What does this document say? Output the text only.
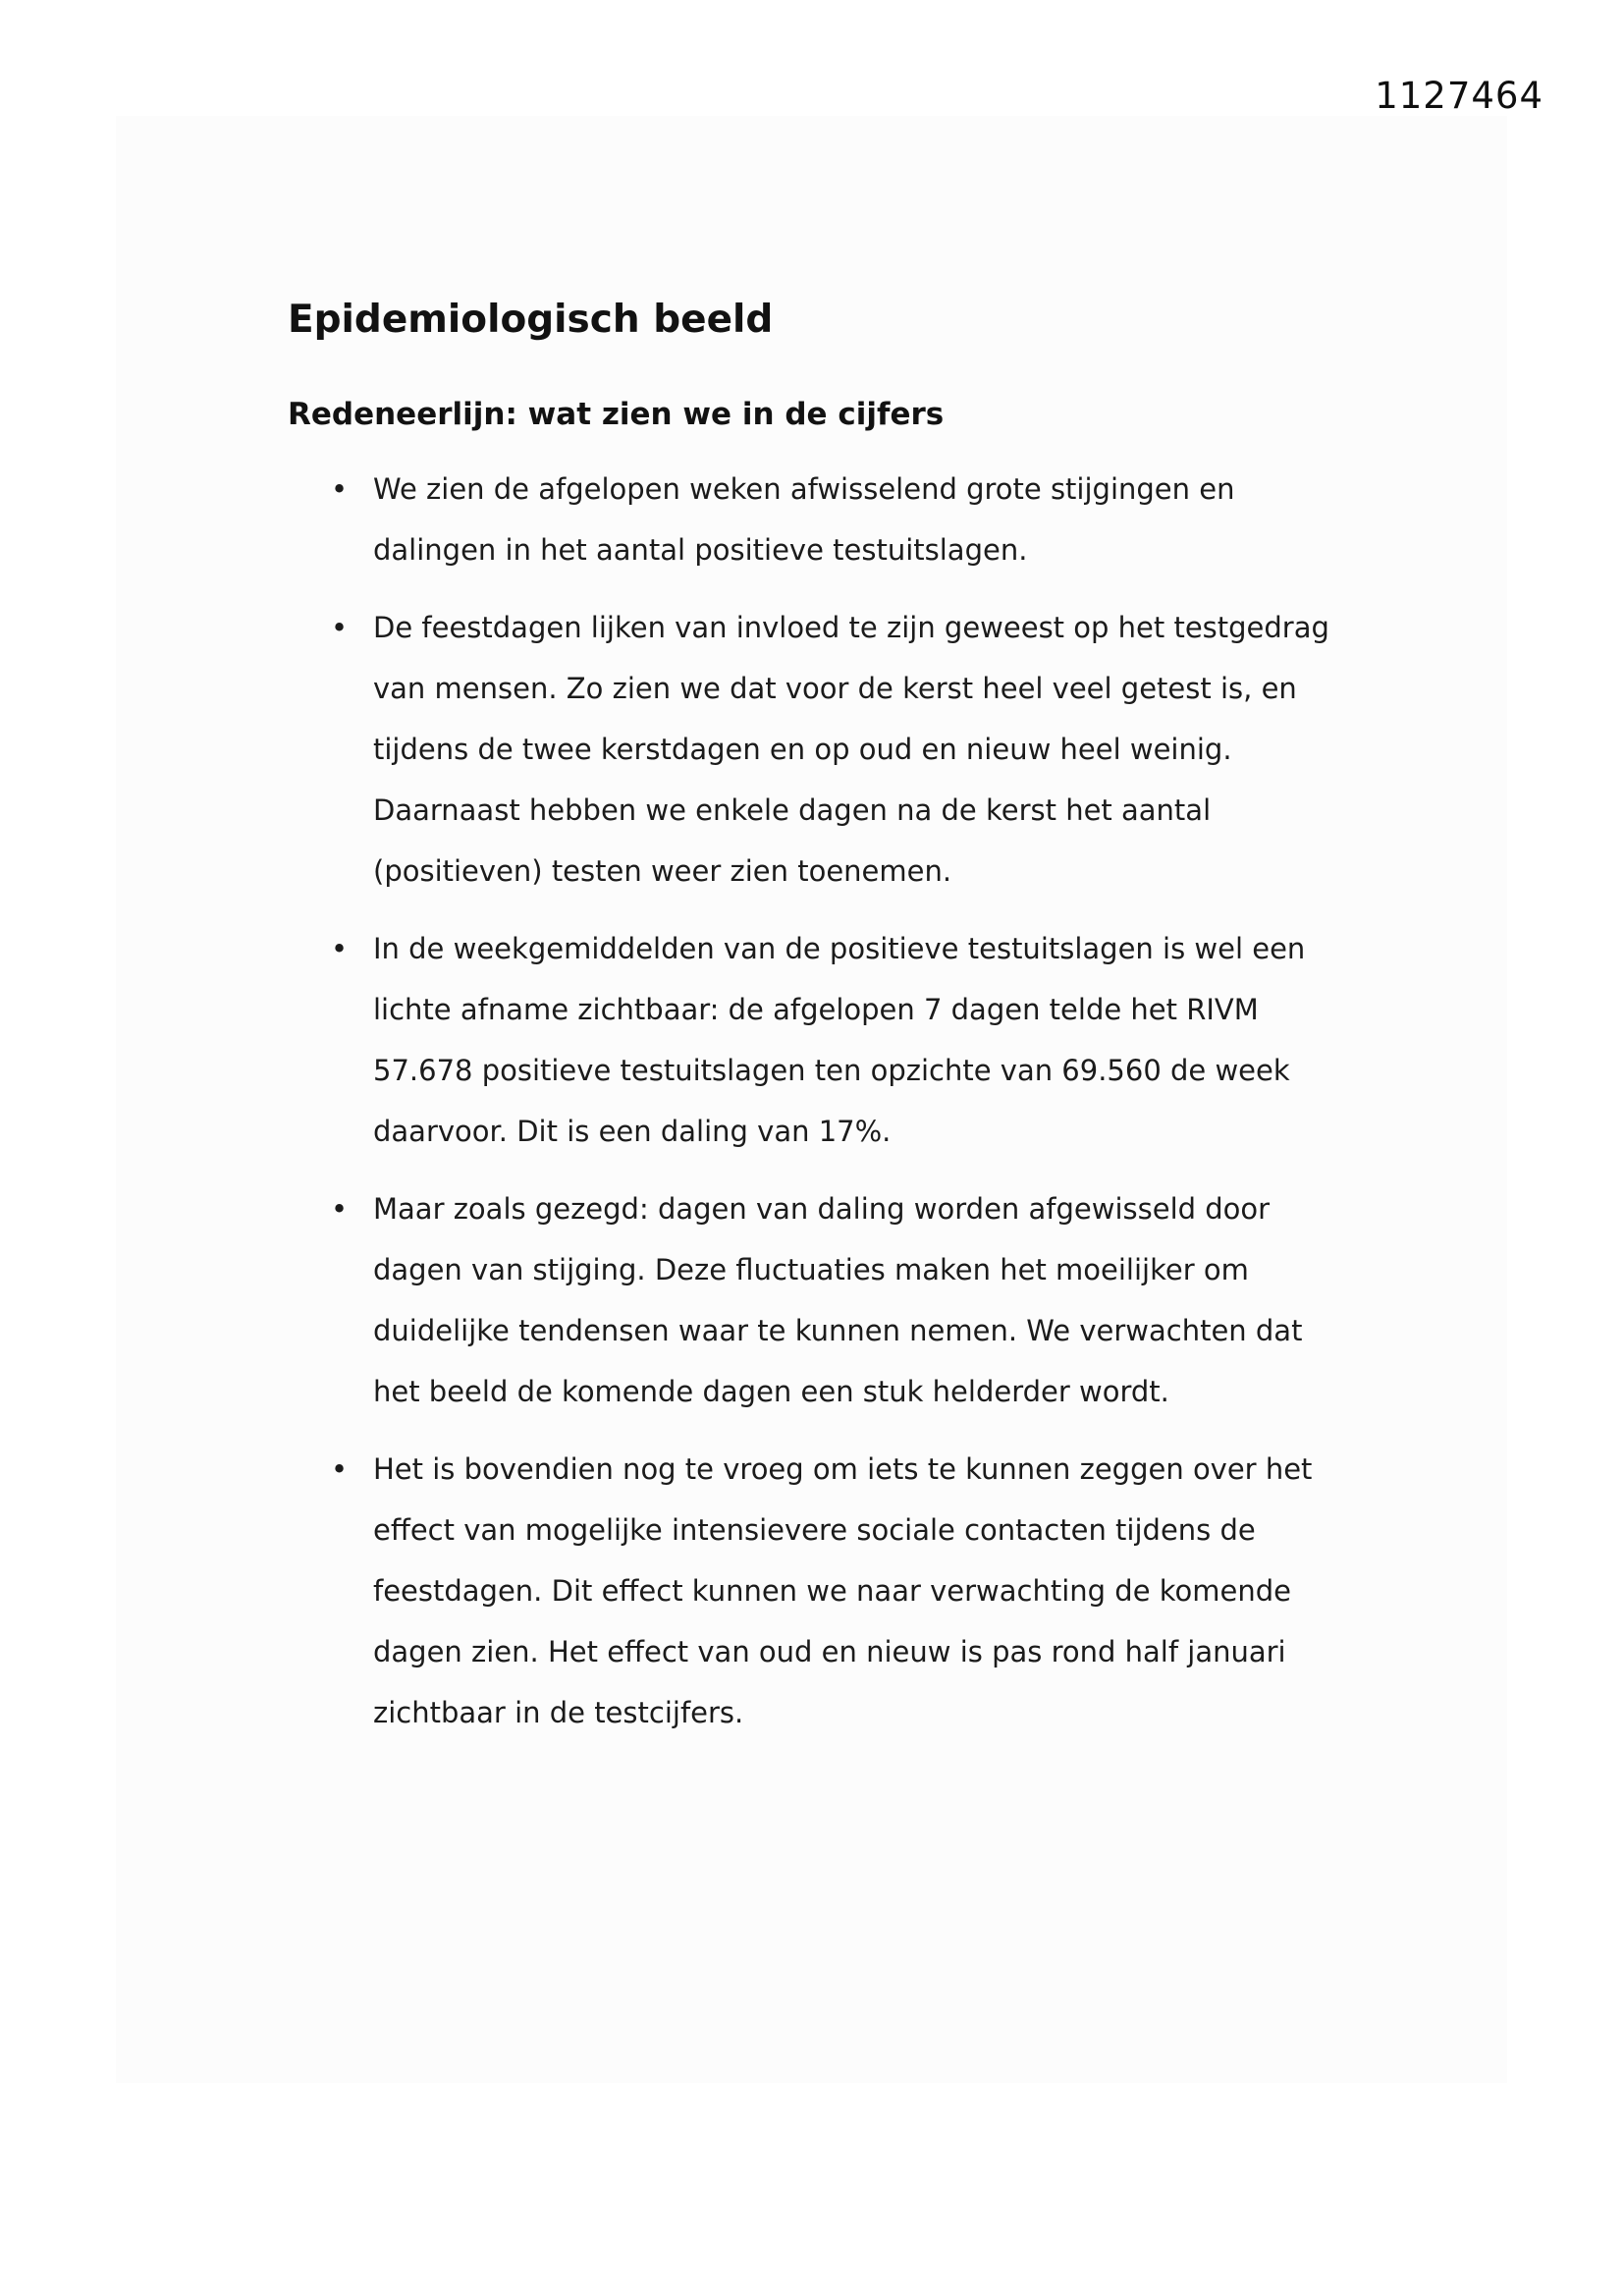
1127464
Epidemiologisch beeld
Redeneerlijn: wat zien we in de cijfers
• We zien de afgelopen weken afwisselend grote stijgingen en dalingen in het aantal positieve testuitslagen.
• De feestdagen lijken van invloed te zijn geweest op het testgedrag van mensen. Zo zien we dat voor de kerst heel veel getest is, en tijdens de twee kerstdagen en op oud en nieuw heel weinig. Daarnaast hebben we enkele dagen na de kerst het aantal (positieven) testen weer zien toenemen.
• In de weekgemiddelden van de positieve testuitslagen is wel een lichte afname zichtbaar: de afgelopen 7 dagen telde het RIVM 57.678 positieve testuitslagen ten opzichte van 69.560 de week daarvoor. Dit is een daling van 17%.
• Maar zoals gezegd: dagen van daling worden afgewisseld door dagen van stijging. Deze fluctuaties maken het moeilijker om duidelijke tendensen waar te kunnen nemen. We verwachten dat het beeld de komende dagen een stuk helderder wordt.
• Het is bovendien nog te vroeg om iets te kunnen zeggen over het effect van mogelijke intensievere sociale contacten tijdens de feestdagen. Dit effect kunnen we naar verwachting de komende dagen zien. Het effect van oud en nieuw is pas rond half januari zichtbaar in de testcijfers.
